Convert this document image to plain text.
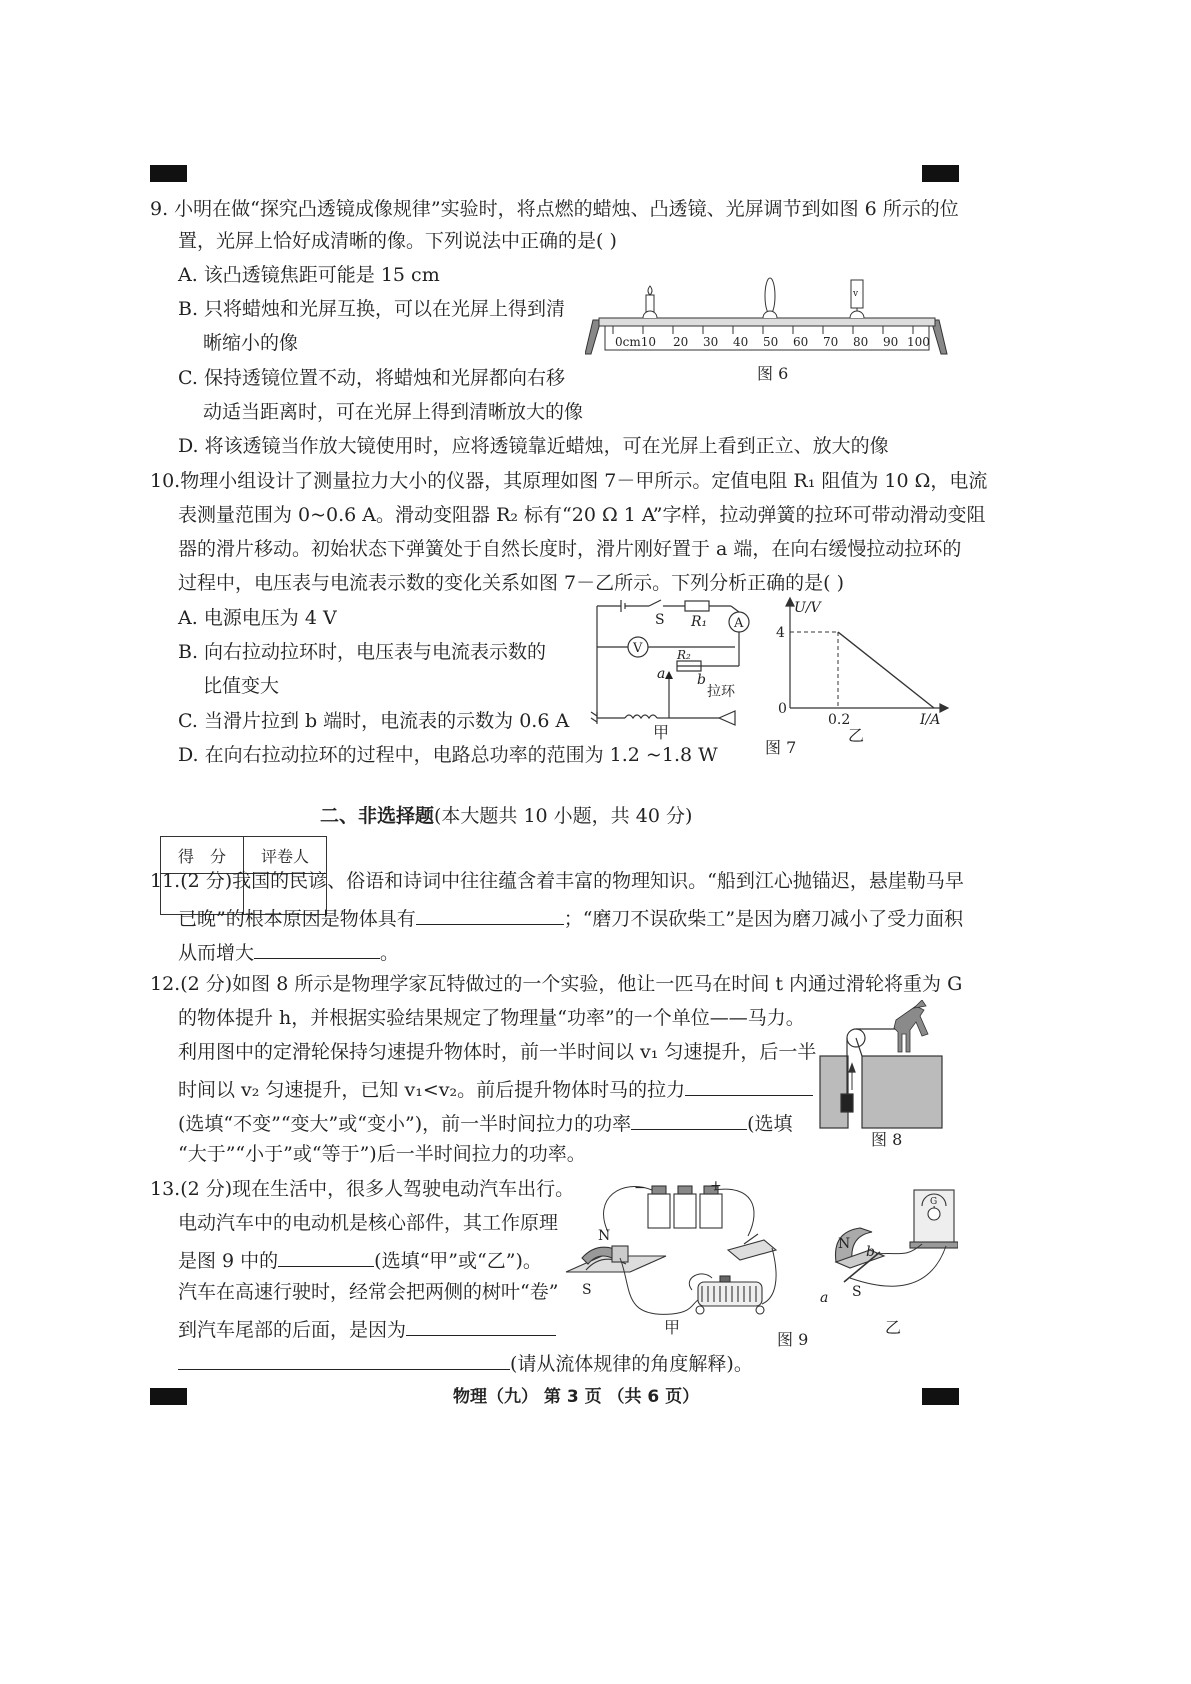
9. 小明在做“探究凸透镜成像规律”实验时，将点燃的蜡烛、凸透镜、光屏调节到如图 6 所示的位
置，光屏上恰好成清晰的像。下列说法中正确的是( )
A. 该凸透镜焦距可能是 15 cm
B. 只将蜡烛和光屏互换，可以在光屏上得到清
晰缩小的像
C. 保持透镜位置不动，将蜡烛和光屏都向右移
动适当距离时，可在光屏上得到清晰放大的像
D. 将该透镜当作放大镜使用时，应将透镜靠近蜡烛，可在光屏上看到正立、放大的像
0cm10 20 30 40 50 60 70 80 90 100
v
图 6
10.物理小组设计了测量拉力大小的仪器，其原理如图 7－甲所示。定值电阻 R₁ 阻值为 10 Ω，电流
表测量范围为 0~0.6 A。滑动变阻器 R₂ 标有“20 Ω 1 A”字样，拉动弹簧的拉环可带动滑动变阻
器的滑片移动。初始状态下弹簧处于自然长度时，滑片刚好置于 a 端，在向右缓慢拉动拉环的
过程中，电压表与电流表示数的变化关系如图 7－乙所示。下列分析正确的是( )
A. 电源电压为 4 V
B. 向右拉动拉环时，电压表与电流表示数的
比值变大
C. 当滑片拉到 b 端时，电流表的示数为 0.6 A
D. 在向右拉动拉环的过程中，电路总功率的范围为 1.2 ~1.8 W
S R₁ A
V	R₂
a b
拉环
甲
U/V
I/A
4
0.2
0
乙
图 7
得　分	评卷人

二、非选择题(本大题共 10 小题，共 40 分)
11.(2 分)我国的民谚、俗语和诗词中往往蕴含着丰富的物理知识。“船到江心抛锚迟，悬崖勒马早
已晚”的根本原因是物体具有	；“磨刀不误砍柴工”是因为磨刀减小了受力面积
从而增大	。
12.(2 分)如图 8 所示是物理学家瓦特做过的一个实验，他让一匹马在时间 t 内通过滑轮将重为 G
的物体提升 h，并根据实验结果规定了物理量“功率”的一个单位——马力。
利用图中的定滑轮保持匀速提升物体时，前一半时间以 v₁ 匀速提升，后一半
时间以 v₂ 匀速提升，已知 v₁<v₂。前后提升物体时马的拉力
(选填“不变”“变大”或“变小”)，前一半时间拉力的功率	(选填
“大于”“小于”或“等于”)后一半时间拉力的功率。
图 8
13.(2 分)现在生活中，很多人驾驶电动汽车出行。
电动汽车中的电动机是核心部件，其工作原理
是图 9 中的	(选填“甲”或“乙”)。
汽车在高速行驶时，经常会把两侧的树叶“卷”
到汽车尾部的后面，是因为
(请从流体规律的角度解释)。
−	+
N
S
甲
N
S
a
b
G
乙
图 9
物理（九） 第 3 页 （共 6 页）
